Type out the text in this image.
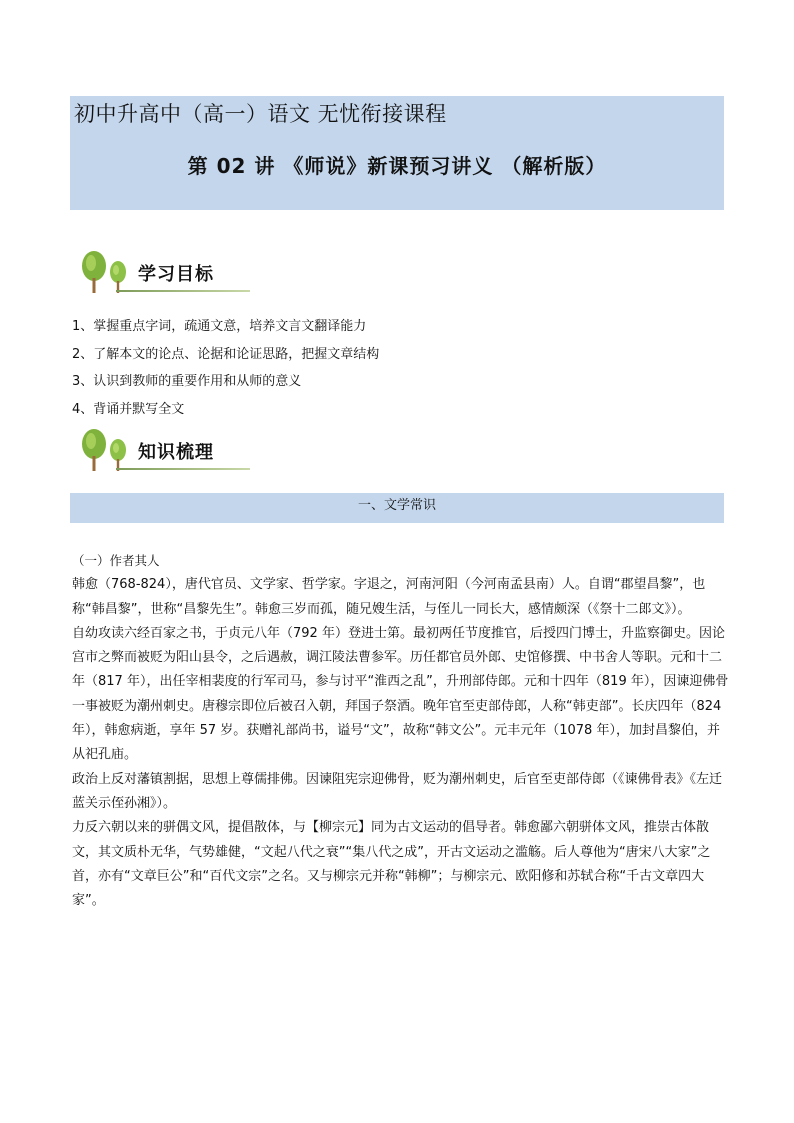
初中升高中（高一）语文 无忧衔接课程
第 02 讲 《师说》新课预习讲义 （解析版）
学习目标
1、掌握重点字词，疏通文意，培养文言文翻译能力
2、了解本文的论点、论据和论证思路，把握文章结构
3、认识到教师的重要作用和从师的意义
4、背诵并默写全文
知识梳理
一、文学常识

（一）作者其人

韩愈（768-824），唐代官员、文学家、哲学家。字退之，河南河阳（今河南孟县南）人。自谓“郡望昌黎”，也称“韩昌黎”，世称“昌黎先生”。韩愈三岁而孤，随兄嫂生活，与侄儿一同长大，感情颇深（《祭十二郎文》）。

自幼攻读六经百家之书，于贞元八年（792 年）登进士第。最初两任节度推官，后授四门博士，升监察御史。因论宫市之弊而被贬为阳山县令，之后遇赦，调江陵法曹参军。历任都官员外郎、史馆修撰、中书舍人等职。元和十二年（817 年），出任宰相裴度的行军司马，参与讨平“淮西之乱”，升刑部侍郎。元和十四年（819 年），因谏迎佛骨一事被贬为潮州刺史。唐穆宗即位后被召入朝，拜国子祭酒。晚年官至吏部侍郎，人称“韩吏部”。长庆四年（824 年），韩愈病逝，享年 57 岁。获赠礼部尚书，谥号“文”，故称“韩文公”。元丰元年（1078 年），加封昌黎伯，并从祀孔庙。

政治上反对藩镇割据，思想上尊儒排佛。因谏阻宪宗迎佛骨，贬为潮州刺史，后官至吏部侍郎（《谏佛骨表》《左迁蓝关示侄孙湘》）。

力反六朝以来的骈偶文风，提倡散体，与【柳宗元】同为古文运动的倡导者。韩愈鄙六朝骈体文风，推崇古体散文，其文质朴无华，气势雄健，“文起八代之衰”“集八代之成”，开古文运动之滥觞。后人尊他为“唐宋八大家”之首，亦有“文章巨公”和“百代文宗”之名。又与柳宗元并称“韩柳”；与柳宗元、欧阳修和苏轼合称“千古文章四大家”。
